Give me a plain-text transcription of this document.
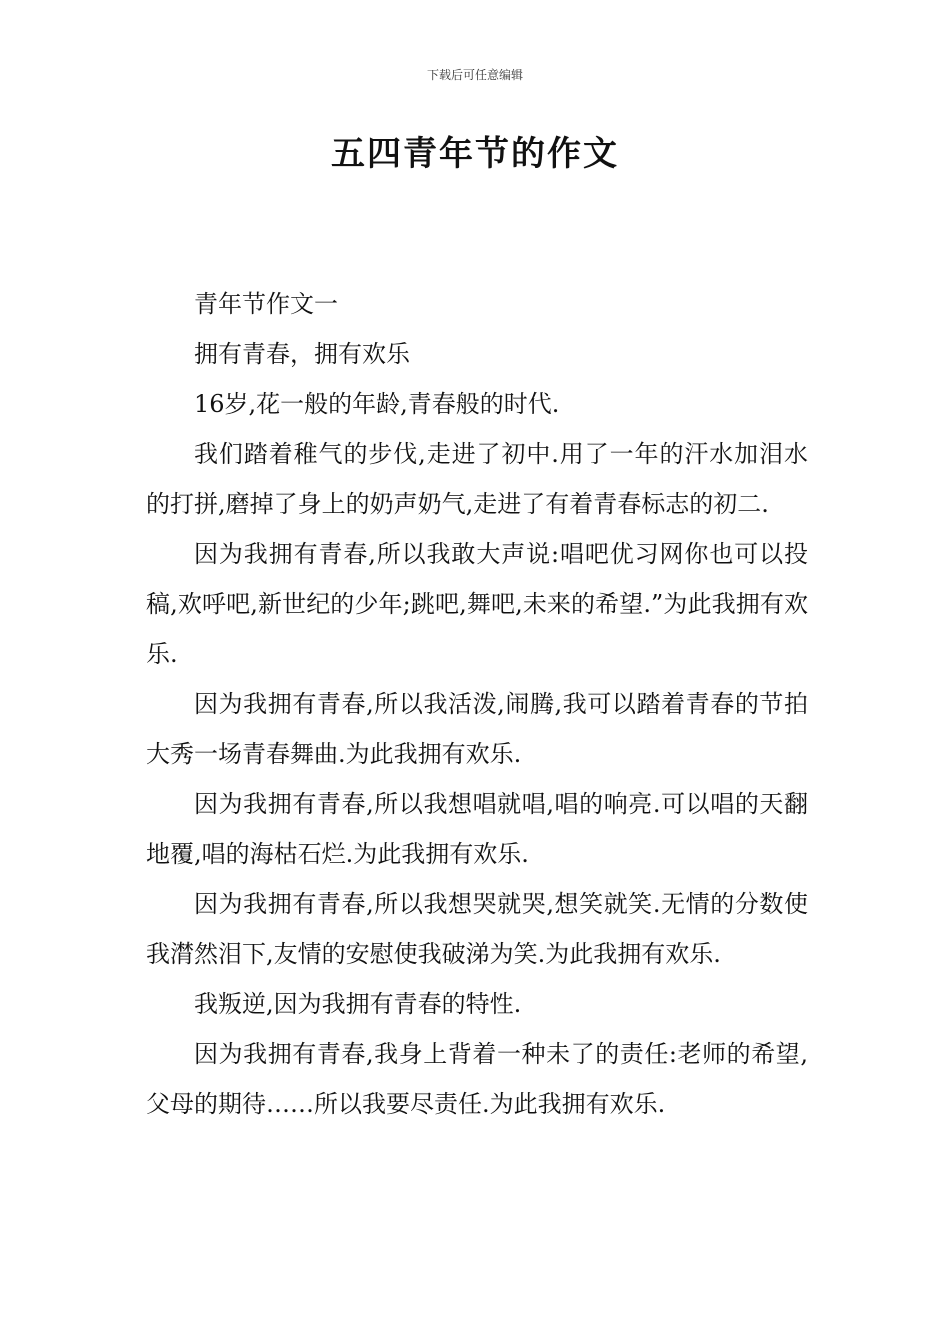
下载后可任意编辑
五四青年节的作文

青年节作文一

拥有青春，拥有欢乐

16岁,花一般的年龄,青春般的时代.

我们踏着稚气的步伐,走进了初中.用了一年的汗水加泪水的打拼,磨掉了身上的奶声奶气,走进了有着青春标志的初二.

因为我拥有青春,所以我敢大声说:唱吧优习网你也可以投稿,欢呼吧,新世纪的少年;跳吧,舞吧,未来的希望.”为此我拥有欢乐.

因为我拥有青春,所以我活泼,闹腾,我可以踏着青春的节拍大秀一场青春舞曲.为此我拥有欢乐.

因为我拥有青春,所以我想唱就唱,唱的响亮.可以唱的天翻地覆,唱的海枯石烂.为此我拥有欢乐.

因为我拥有青春,所以我想哭就哭,想笑就笑.无情的分数使我潸然泪下,友情的安慰使我破涕为笑.为此我拥有欢乐.

我叛逆,因为我拥有青春的特性.

因为我拥有青春,我身上背着一种未了的责任:老师的希望,父母的期待……所以我要尽责任.为此我拥有欢乐.
